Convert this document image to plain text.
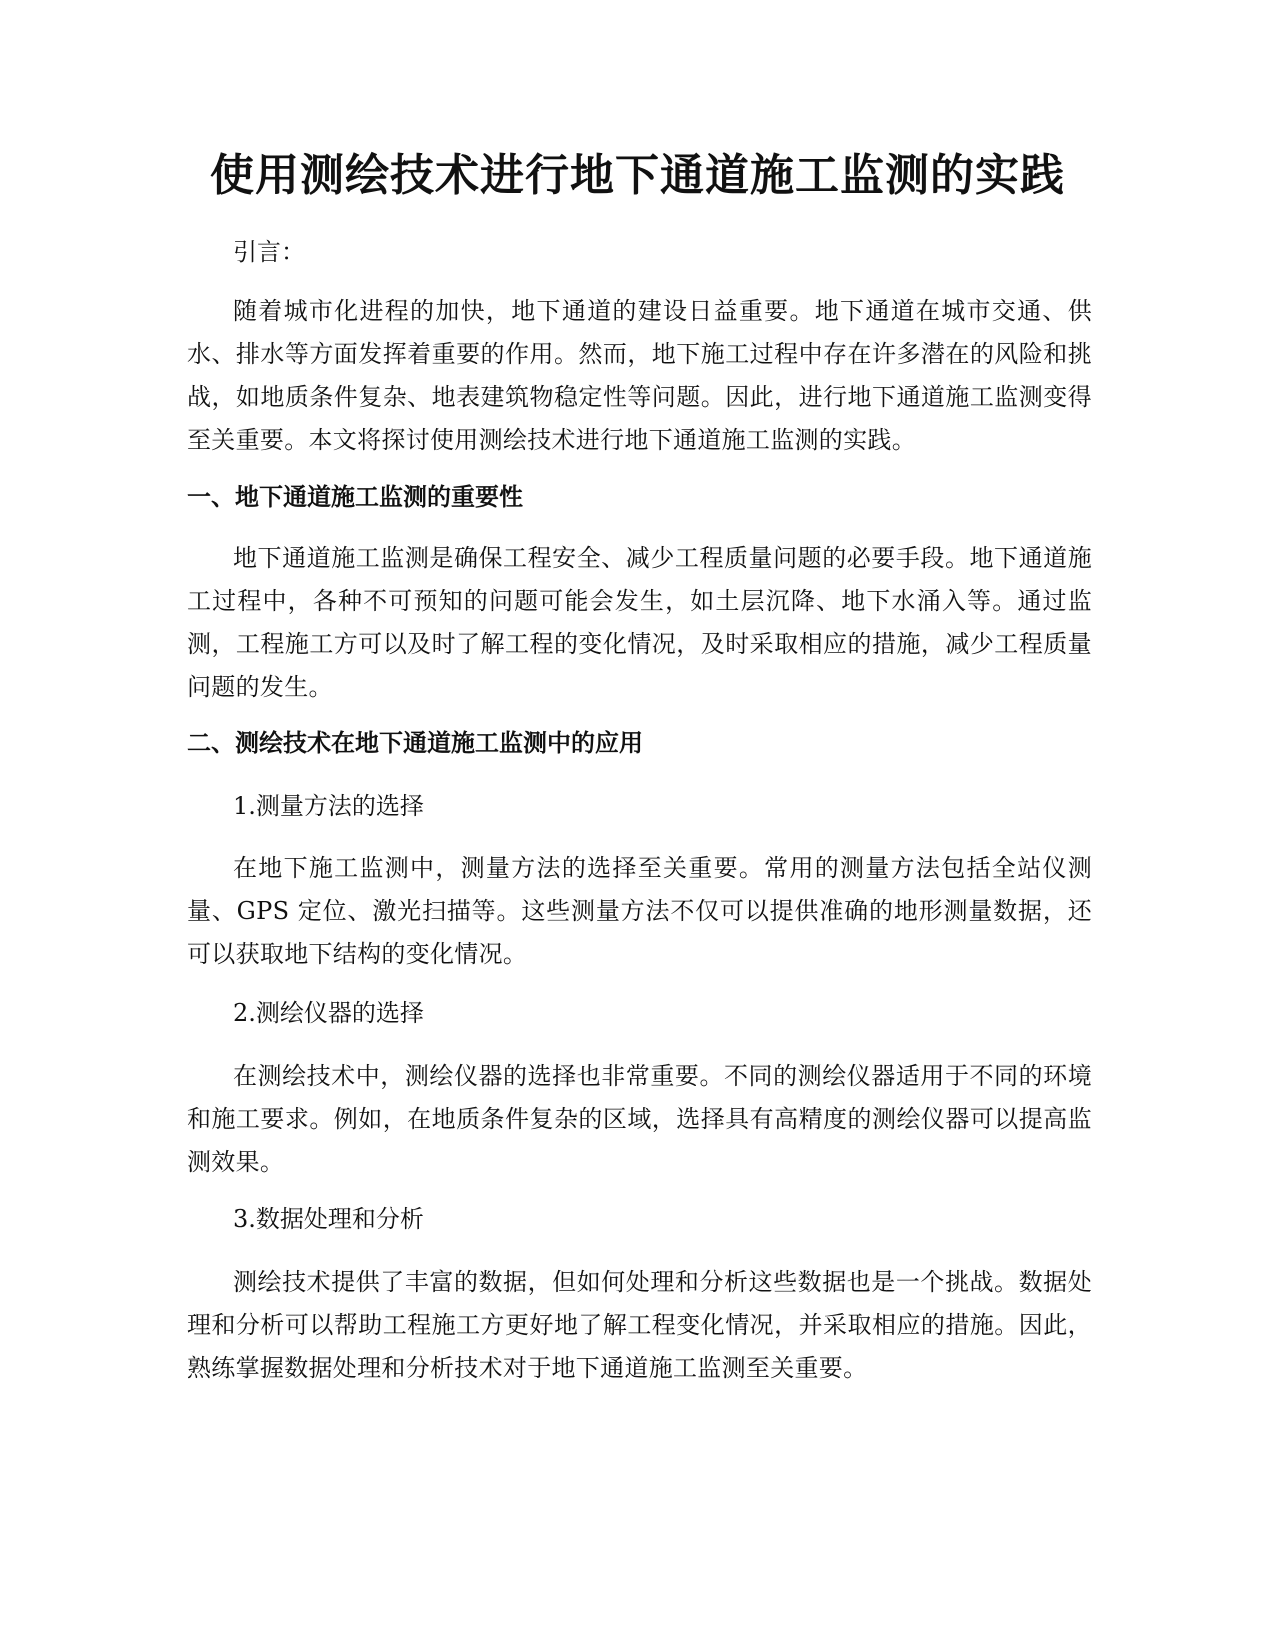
使用测绘技术进行地下通道施工监测的实践

引言：

随着城市化进程的加快，地下通道的建设日益重要。地下通道在城市交通、供水、排水等方面发挥着重要的作用。然而，地下施工过程中存在许多潜在的风险和挑战，如地质条件复杂、地表建筑物稳定性等问题。因此，进行地下通道施工监测变得至关重要。本文将探讨使用测绘技术进行地下通道施工监测的实践。

一、地下通道施工监测的重要性

地下通道施工监测是确保工程安全、减少工程质量问题的必要手段。地下通道施工过程中，各种不可预知的问题可能会发生，如土层沉降、地下水涌入等。通过监测，工程施工方可以及时了解工程的变化情况，及时采取相应的措施，减少工程质量问题的发生。

二、测绘技术在地下通道施工监测中的应用

1.测量方法的选择

在地下施工监测中，测量方法的选择至关重要。常用的测量方法包括全站仪测量、GPS 定位、激光扫描等。这些测量方法不仅可以提供准确的地形测量数据，还可以获取地下结构的变化情况。

2.测绘仪器的选择

在测绘技术中，测绘仪器的选择也非常重要。不同的测绘仪器适用于不同的环境和施工要求。例如，在地质条件复杂的区域，选择具有高精度的测绘仪器可以提高监测效果。

3.数据处理和分析

测绘技术提供了丰富的数据，但如何处理和分析这些数据也是一个挑战。数据处理和分析可以帮助工程施工方更好地了解工程变化情况，并采取相应的措施。因此，熟练掌握数据处理和分析技术对于地下通道施工监测至关重要。
